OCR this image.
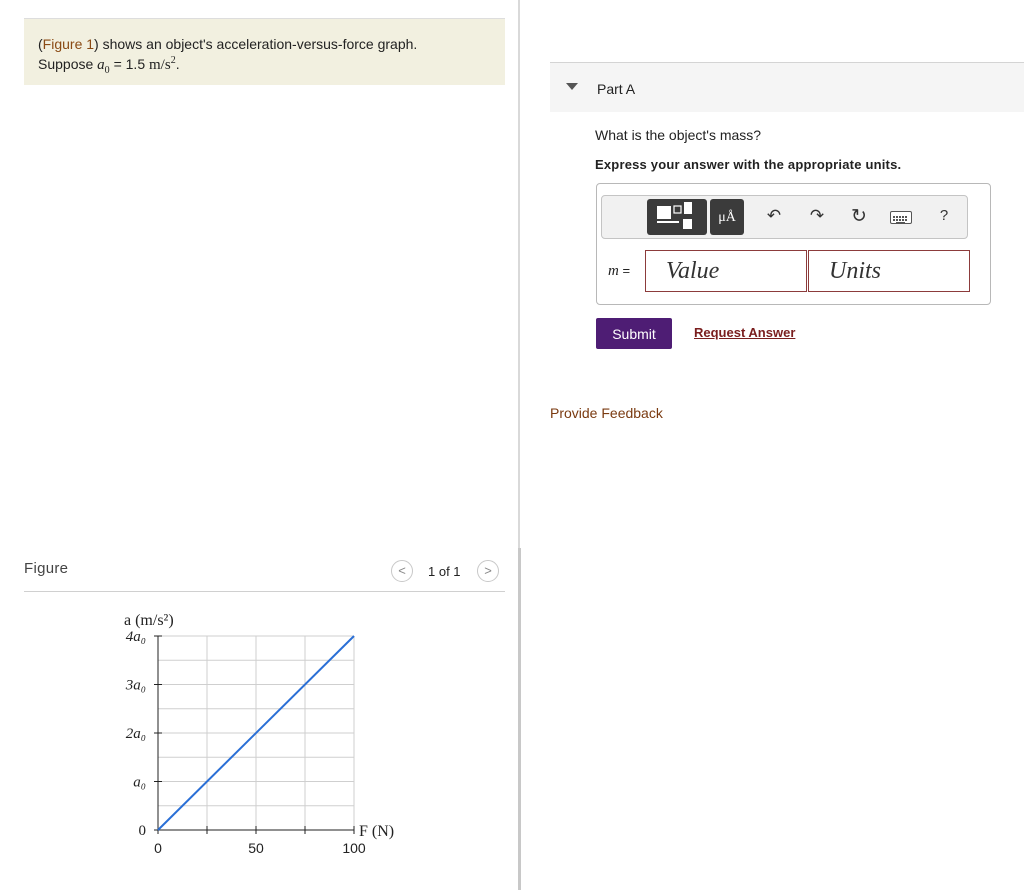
(Figure 1) shows an object's acceleration-versus-force graph.
Suppose $a_0 = 1.5$ $m/s^2$.
Figure	<	1 of 1	>
0	50	100
0
a₀
2a₀
3a₀
4a₀
a (m/s²)
F (N)
Part A
What is the object's mass?
Express your answer with the appropriate units.
μÅ	↶ ↷ ↻	?
m =
Value
Units
Submit	Request Answer
Provide Feedback
